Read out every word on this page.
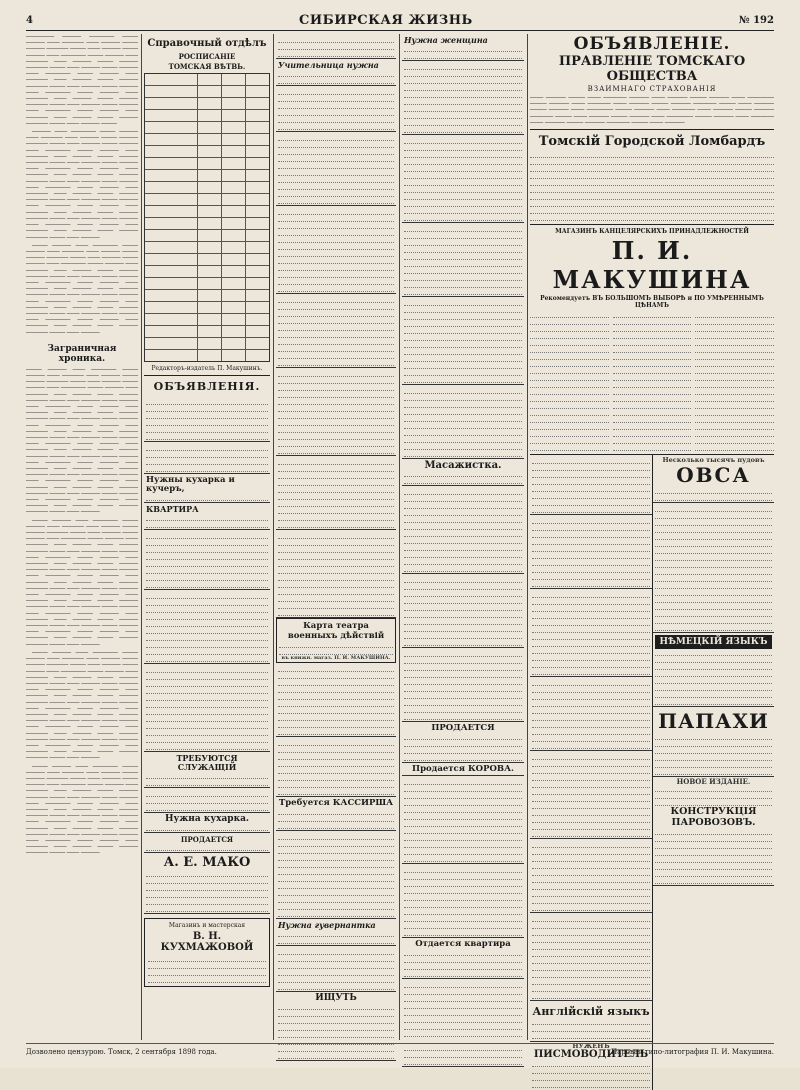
4	СИБИРСКАЯ ЖИЗНЬ	№ 192

───────── ────── ──────── ───── ────── ──── ─────── ──── ────── ───── ────── ─────── ───── ──── ────── ───── ────── ──── ──────── ───── ────── ──── ─────── ──── ────── ───── ────── ─────── ───── ──── ────── ───── ────── ──── ──────── ───── ────── ──── ─────── ──── ────── ───── ────── ─────── ───── ──── ────── ───── ────── ──── ──────── ───── ────── ──── ─────── ──── ────── ───── ────── ─────── ───── ──── ────── ───── ────── ──── ──────── ───── ────── ──── ─────── ──── ────── ───── ────── ─────── ───── ──── ────── ─────

────── ──── ──────── ───── ────── ──── ─────── ──── ────── ───── ────── ─────── ───── ──── ────── ───── ────── ──── ──────── ───── ────── ──── ─────── ──── ────── ───── ────── ─────── ───── ──── ────── ───── ────── ──── ──────── ───── ────── ──── ─────── ──── ────── ───── ────── ─────── ───── ──── ────── ───── ────── ──── ──────── ───── ────── ──── ─────── ──── ────── ───── ────── ─────── ───── ──── ────── ───── ────── ──── ──────── ───── ────── ──── ─────── ──── ────── ───── ────── ─────── ───── ──── ────── ───── ────── ──── ──────── ───── ────── ──── ─────── ──── ────── ───── ────── ─────── ───── ──── ──────

───── ────── ──── ──────── ───── ────── ──── ─────── ──── ────── ───── ────── ─────── ───── ──── ────── ───── ────── ──── ──────── ───── ────── ──── ─────── ──── ────── ───── ────── ─────── ───── ──── ────── ───── ────── ──── ──────── ───── ────── ──── ─────── ──── ────── ───── ────── ─────── ───── ──── ────── ───── ────── ──── ──────── ───── ────── ──── ─────── ──── ────── ───── ────── ─────── ───── ──── ────── ───── ────── ──── ──────── ───── ────── ──── ─────── ──── ────── ───── ────── ─────── ───── ──── ──────

Заграничная хроника.

───── ────── ──── ──────── ───── ────── ──── ─────── ──── ────── ───── ────── ─────── ───── ──── ────── ───── ────── ──── ──────── ───── ────── ──── ─────── ──── ────── ───── ────── ─────── ───── ──── ────── ───── ────── ──── ──────── ───── ────── ──── ─────── ──── ────── ───── ────── ─────── ───── ──── ────── ───── ────── ──── ──────── ───── ────── ──── ─────── ──── ────── ───── ────── ─────── ───── ──── ────── ───── ────── ──── ──────── ───── ────── ──── ─────── ──── ────── ───── ────── ─────── ───── ──── ────── ───── ────── ──── ──────── ───── ────── ──── ─────── ──── ────── ───── ────── ─────── ───── ──── ────── ───── ────── ──── ──────── ───── ────── ──── ─────── ──── ────── ───── ────── ─────── ───── ──── ────── ───── ────── ──── ──────── ───── ────── ──── ─────── ──── ────── ───── ────── ─────── ───── ──── ──────

───── ────── ──── ──────── ───── ────── ──── ─────── ──── ────── ───── ────── ─────── ───── ──── ────── ───── ────── ──── ──────── ───── ────── ──── ─────── ──── ────── ───── ────── ─────── ───── ──── ────── ───── ────── ──── ──────── ───── ────── ──── ─────── ──── ────── ───── ────── ─────── ───── ──── ────── ───── ────── ──── ──────── ───── ────── ──── ─────── ──── ────── ───── ────── ─────── ───── ──── ────── ───── ────── ──── ──────── ───── ────── ──── ─────── ──── ────── ───── ────── ─────── ───── ──── ────── ───── ────── ──── ──────── ───── ────── ──── ─────── ──── ────── ───── ────── ─────── ───── ──── ────── ───── ────── ──── ──────── ───── ────── ──── ─────── ──── ────── ───── ────── ─────── ───── ──── ──────

───── ────── ──── ──────── ───── ────── ──── ─────── ──── ────── ───── ────── ─────── ───── ──── ────── ───── ────── ──── ──────── ───── ────── ──── ─────── ──── ────── ───── ────── ─────── ───── ──── ────── ───── ────── ──── ──────── ───── ────── ──── ─────── ──── ────── ───── ────── ─────── ───── ──── ────── ───── ────── ──── ──────── ───── ────── ──── ─────── ──── ────── ───── ────── ─────── ───── ──── ────── ───── ────── ──── ──────── ───── ────── ──── ─────── ──── ────── ───── ────── ─────── ───── ──── ────── ───── ────── ──── ──────── ───── ────── ──── ─────── ──── ────── ───── ────── ─────── ───── ──── ──────

───── ────── ──── ──────── ───── ────── ──── ─────── ──── ────── ───── ────── ─────── ───── ──── ────── ───── ────── ──── ──────── ───── ────── ──── ─────── ──── ────── ───── ────── ─────── ───── ──── ────── ───── ────── ──── ──────── ───── ────── ──── ─────── ──── ────── ───── ────── ─────── ───── ──── ────── ───── ────── ──── ──────── ───── ────── ──── ─────── ──── ────── ───── ────── ─────── ───── ──── ────── ───── ────── ──── ──────── ───── ────── ──── ─────── ──── ────── ───── ────── ─────── ───── ──── ──────

Справочный отдѣлъ
РОСПИСАНІЕ
ТОМСКАЯ ВѢТВЬ.
Редакторъ-издатель П. Макушинъ.
ОБЪЯВЛЕНІЯ.
Нужны кухарка и кучеръ,
КВАРТИРА
ТРЕБУЮТСЯ СЛУЖАЩІЙ
Нужна кухарка.
ПРОДАЕТСЯ
А. Е. МАКО
Магазинъ и мастерская
В. Н. КУХМАЖОВОЙ
Учительница нужна
Карта театра военныхъ дѣйствій
въ книжн. магаз. П. И. МАКУШИНА.
Требуется КАССИРША
Нужна гувернантка
ИЩУТЬ
Нужна женщина
Масажистка.
ПРОДАЕТСЯ
Продается КОРОВА.
Отдается квартира
ОБЪЯВЛЕНІЕ.
ПРАВЛЕНІЕ ТОМСКАГО ОБЩЕСТВА
ВЗАИМНАГО СТРАХОВАНІЯ

──── ────── ───── ──── ─────── ────── ──── ────── ───── ────── ──── ──────── ───── ────── ──── ─────── ──── ────── ───── ────── ─────── ───── ──── ────── ───── ────── ──── ──────── ───── ────── ──── ─────── ──── ────── ───── ────── ─────── ───── ──── ────── ───── ────── ──── ──────── ───── ────── ──── ─────── ──── ────── ───── ────── ─────── ───── ──── ──────

Томскій Городской Ломбардъ
МАГАЗИНЪ КАНЦЕЛЯРСКИХЪ ПРИНАДЛЕЖНОСТЕЙ
П. И. МАКУШИНА
Рекомендуетъ ВЪ БОЛЬШОМЪ ВЫБОРѢ и ПО УМѢРЕННЫМЪ ЦѢНАМЪ
Англійскій языкъ
НУЖЕНЪ
ПИСМОВОДИТЕЛЬ
Несколько тысячъ пудовъ
ОВСА
НѢМЕЦКІЙ ЯЗЫКЪ
ПАПАХИ
НОВОЕ ИЗДАНІЕ.
КОНСТРУКЦІЯ ПАРОВОЗОВЪ.
Дозволено цензурою. Томск, 2 сентября 1898 года.	Паровая типо-литография П. И. Макушина.
